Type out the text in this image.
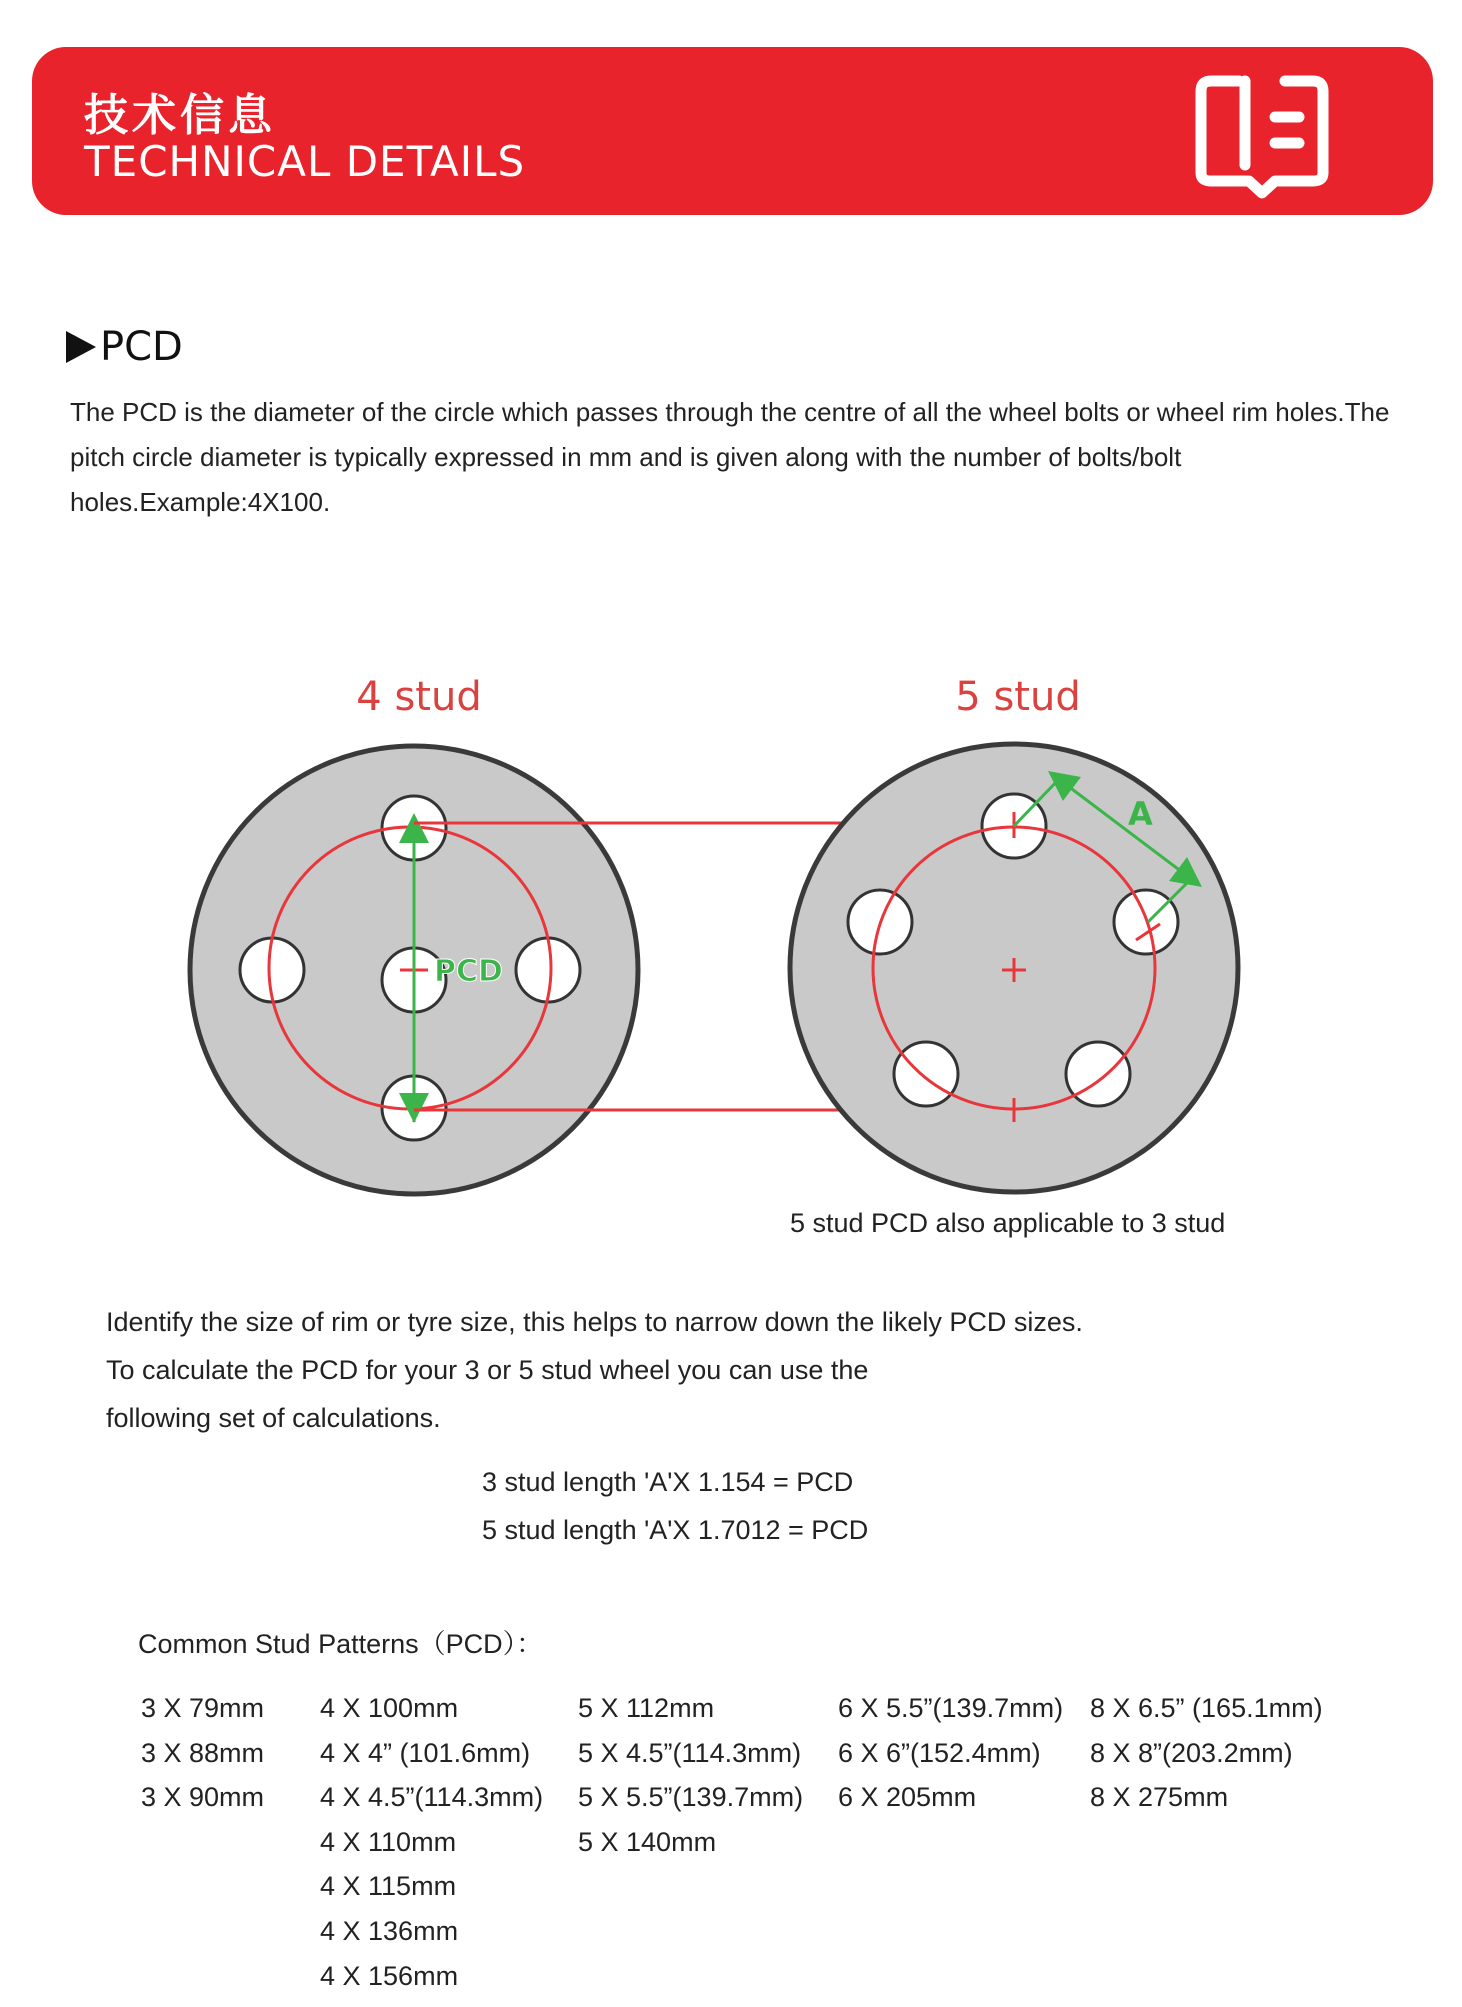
技术信息
TECHNICAL DETAILS
PCD
The PCD is the diameter of the circle which passes through the centre of all the wheel bolts or wheel rim holes.The pitch circle diameter is typically expressed in mm and is given along with the number of bolts/bolt holes.Example:4X100.
4 stud	5 stud
PCD
A
5 stud PCD also applicable to 3 stud
Identify the size of rim or tyre size, this helps to narrow down the likely PCD sizes.
To calculate the PCD for your 3 or 5 stud wheel you can use the
following set of calculations.
3 stud length 'A'X 1.154 = PCD
5 stud length 'A'X 1.7012 = PCD
Common Stud Patterns（PCD）：
3 X 79mm
3 X 88mm
3 X 90mm
4 X 100mm
4 X 4” (101.6mm)
4 X 4.5”(114.3mm)
4 X 110mm
4 X 115mm
4 X 136mm
4 X 156mm
5 X 112mm
5 X 4.5”(114.3mm)
5 X 5.5”(139.7mm)
5 X 140mm
6 X 5.5”(139.7mm)
6 X 6”(152.4mm)
6 X 205mm
8 X 6.5” (165.1mm)
8 X 8”(203.2mm)
8 X 275mm
